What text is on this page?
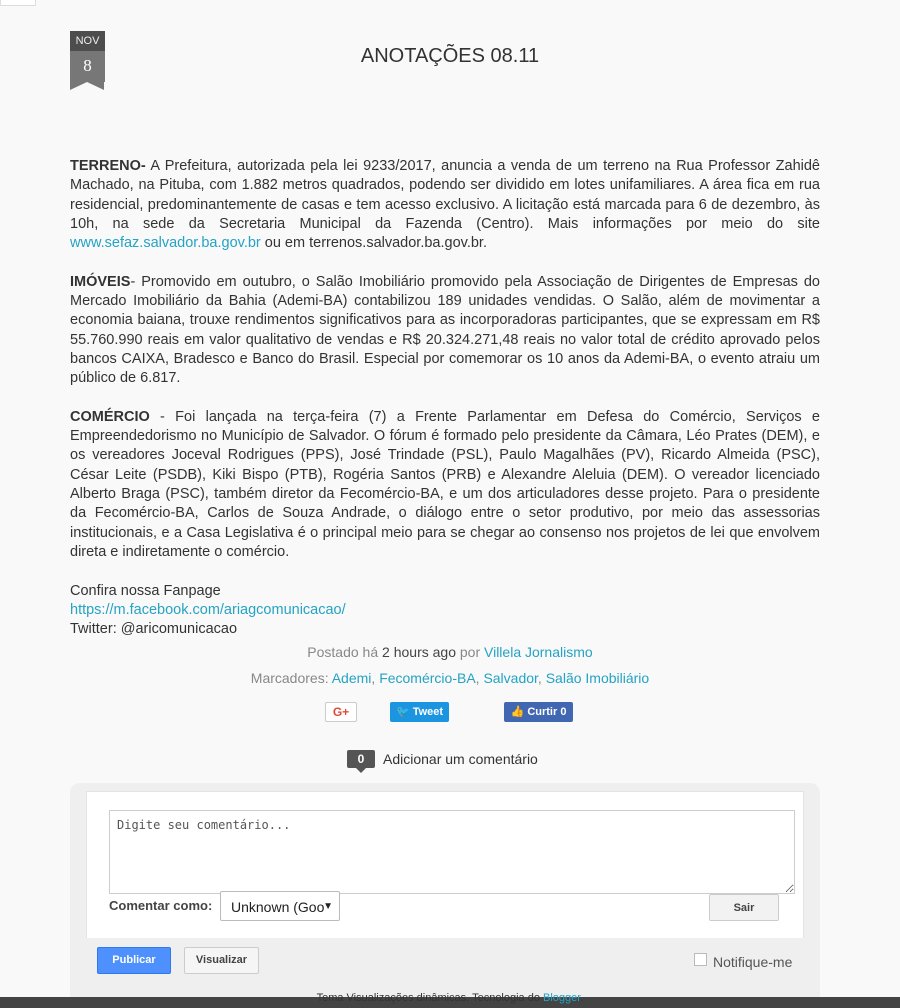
NOV
8	ANOTAÇÕES 08.11

TERRENO- A Prefeitura, autorizada pela lei 9233/2017, anuncia a venda de um terreno na Rua Professor Zahidê Machado, na Pituba, com 1.882 metros quadrados, podendo ser dividido em lotes unifamiliares. A área fica em rua residencial, predominantemente de casas e tem acesso exclusivo. A licitação está marcada para 6 de dezembro, às 10h, na sede da Secretaria Municipal da Fazenda (Centro). Mais informações por meio do site www.sefaz.salvador.ba.gov.br ou em terrenos.salvador.ba.gov.br.

IMÓVEIS- Promovido em outubro, o Salão Imobiliário promovido pela Associação de Dirigentes de Empresas do Mercado Imobiliário da Bahia (Ademi-BA) contabilizou 189 unidades vendidas. O Salão, além de movimentar a economia baiana, trouxe rendimentos significativos para as incorporadoras participantes, que se expressam em R$ 55.760.990 reais em valor qualitativo de vendas e R$ 20.324.271,48 reais no valor total de crédito aprovado pelos bancos CAIXA, Bradesco e Banco do Brasil. Especial por comemorar os 10 anos da Ademi-BA, o evento atraiu um público de 6.817.

COMÉRCIO - Foi lançada na terça-feira (7) a Frente Parlamentar em Defesa do Comércio, Serviços e Empreendedorismo no Município de Salvador. O fórum é formado pelo presidente da Câmara, Léo Prates (DEM), e os vereadores Joceval Rodrigues (PPS), José Trindade (PSL), Paulo Magalhães (PV), Ricardo Almeida (PSC), César Leite (PSDB), Kiki Bispo (PTB), Rogéria Santos (PRB) e Alexandre Aleluia (DEM). O vereador licenciado Alberto Braga (PSC), também diretor da Fecomércio-BA, e um dos articuladores desse projeto. Para o presidente da Fecomércio-BA, Carlos de Souza Andrade, o diálogo entre o setor produtivo, por meio das assessorias institucionais, e a Casa Legislativa é o principal meio para se chegar ao consenso nos projetos de lei que envolvem direta e indiretamente o comércio.

Confira nossa Fanpage
https://m.facebook.com/ariagcomunicacao/
Twitter: @aricomunicacao

Postado há 2 hours ago por Villela Jornalismo
Marcadores: Ademi, Fecomércio-BA, Salvador, Salão Imobiliário
G+	🐦 Tweet	👍 Curtir 0
0	Adicionar um comentário
Digite seu comentário...
Comentar como:	Unknown (Goo
▼	Sair
Publicar	Visualizar	Notifique-me
Tema Visualizações dinâmicas. Tecnologia do Blogger.
